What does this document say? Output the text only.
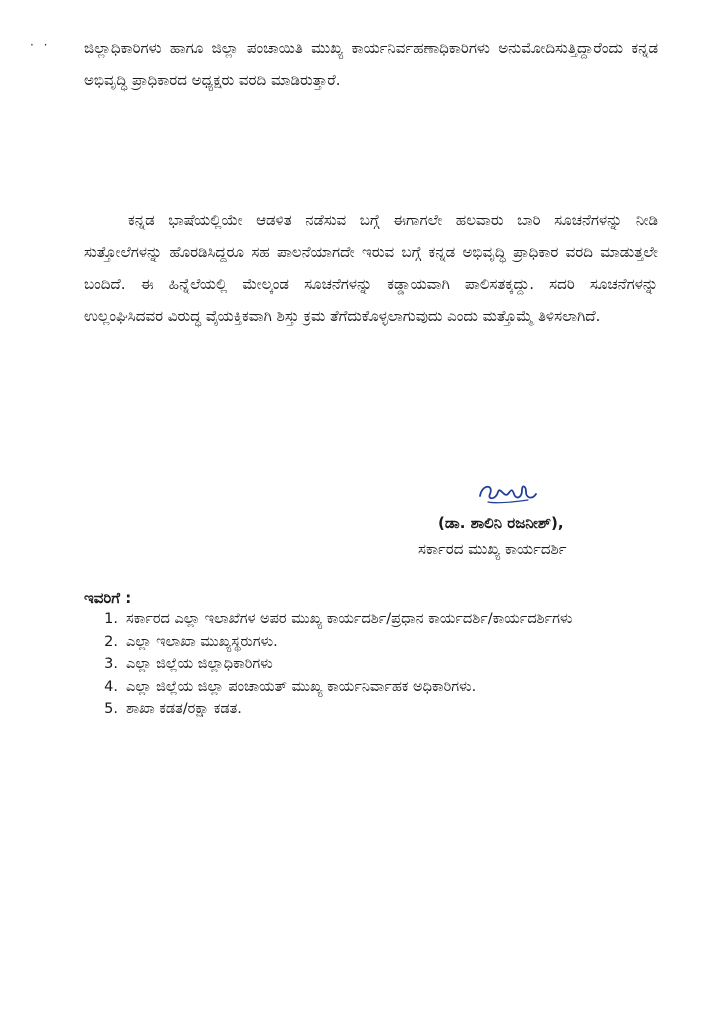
· · ಜಿಲ್ಲಾಧಿಕಾರಿಗಳು ಹಾಗೂ ಜಿಲ್ಲಾ ಪಂಚಾಯಿತಿ ಮುಖ್ಯ ಕಾರ್ಯನಿರ್ವಹಣಾಧಿಕಾರಿಗಳು ಅನುಮೋದಿಸುತ್ತಿದ್ದಾರೆಂದು ಕನ್ನಡ ಅಭಿವೃದ್ಧಿ ಪ್ರಾಧಿಕಾರದ ಅಧ್ಯಕ್ಷರು ವರದಿ ಮಾಡಿರುತ್ತಾರೆ.

ಕನ್ನಡ ಭಾಷೆಯಲ್ಲಿಯೇ ಆಡಳಿತ ನಡೆಸುವ ಬಗ್ಗೆ ಈಗಾಗಲೇ ಹಲವಾರು ಬಾರಿ ಸೂಚನೆಗಳನ್ನು ನೀಡಿ ಸುತ್ತೋಲೆಗಳನ್ನು ಹೊರಡಿಸಿದ್ದರೂ ಸಹ ಪಾಲನೆಯಾಗದೇ ಇರುವ ಬಗ್ಗೆ ಕನ್ನಡ ಅಭಿವೃದ್ಧಿ ಪ್ರಾಧಿಕಾರ ವರದಿ ಮಾಡುತ್ತಲೇ ಬಂದಿದೆ. ಈ ಹಿನ್ನೆಲೆಯಲ್ಲಿ ಮೇಲ್ಕಂಡ ಸೂಚನೆಗಳನ್ನು ಕಡ್ಡಾಯವಾಗಿ ಪಾಲಿಸತಕ್ಕದ್ದು. ಸದರಿ ಸೂಚನೆಗಳನ್ನು ಉಲ್ಲಂಘಿಸಿದವರ ವಿರುದ್ಧ ವೈಯಕ್ತಿಕವಾಗಿ ಶಿಸ್ತು ಕ್ರಮ ತೆಗೆದುಕೊಳ್ಳಲಾಗುವುದು ಎಂದು ಮತ್ತೊಮ್ಮೆ ತಿಳಿಸಲಾಗಿದೆ.

(ಡಾ. ಶಾಲಿನಿ ರಜನೀಶ್),
ಸರ್ಕಾರದ ಮುಖ್ಯ ಕಾರ್ಯದರ್ಶಿ
ಇವರಿಗೆ :
1. ಸರ್ಕಾರದ ಎಲ್ಲಾ ಇಲಾಖೆಗಳ ಅಪರ ಮುಖ್ಯ ಕಾರ್ಯದರ್ಶಿ/ಪ್ರಧಾನ ಕಾರ್ಯದರ್ಶಿ/ಕಾರ್ಯದರ್ಶಿಗಳು
2. ಎಲ್ಲಾ ಇಲಾಖಾ ಮುಖ್ಯಸ್ಥರುಗಳು.
3. ಎಲ್ಲಾ ಜಿಲ್ಲೆಯ ಜಿಲ್ಲಾಧಿಕಾರಿಗಳು
4. ಎಲ್ಲಾ ಜಿಲ್ಲೆಯ ಜಿಲ್ಲಾ ಪಂಚಾಯತ್ ಮುಖ್ಯ ಕಾರ್ಯನಿರ್ವಾಹಕ ಅಧಿಕಾರಿಗಳು.
5. ಶಾಖಾ ಕಡತ/ರಕ್ಷಾ ಕಡತ.
